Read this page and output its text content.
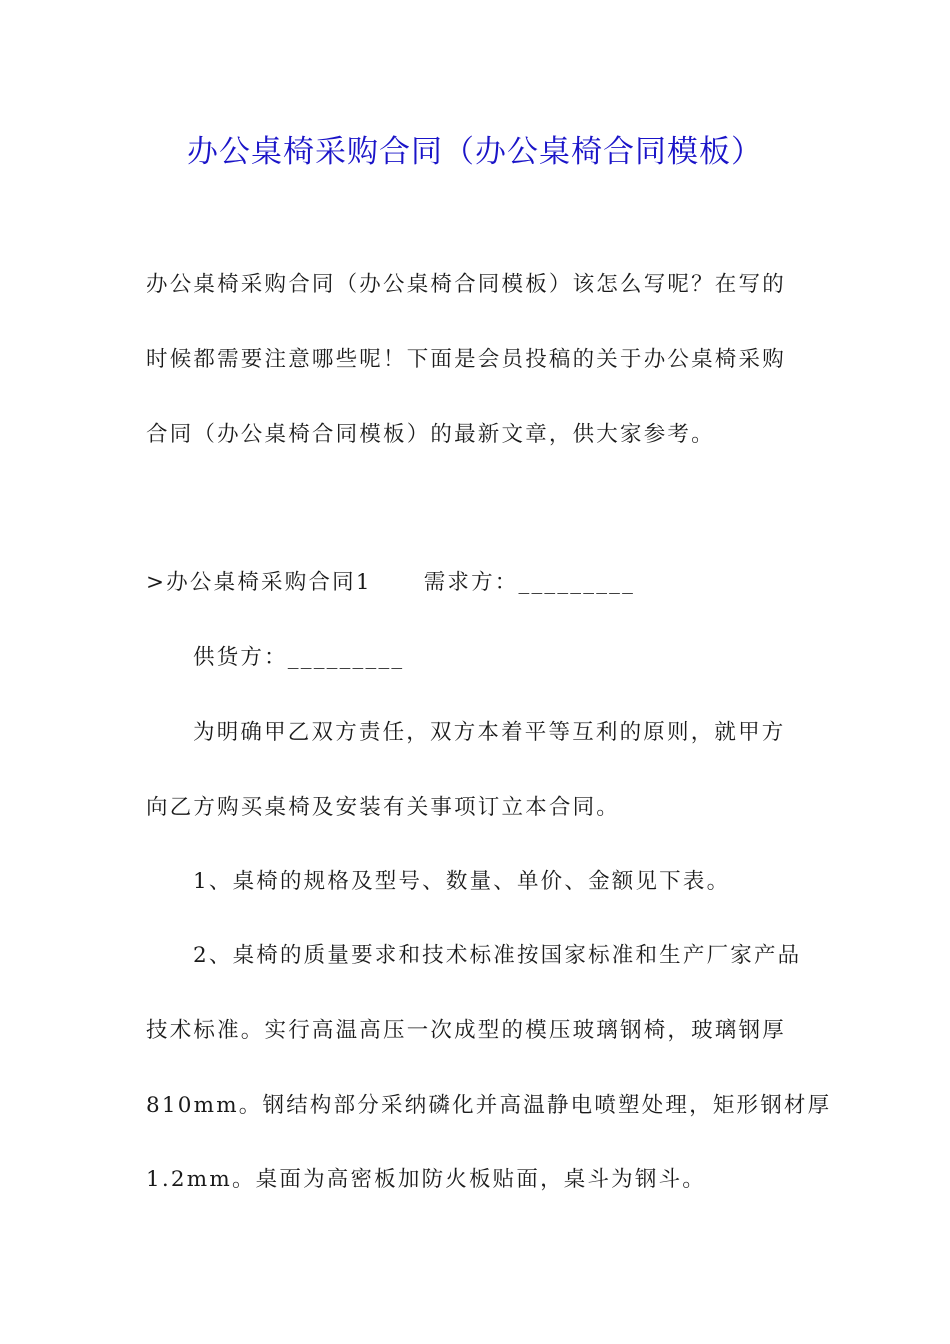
办公桌椅采购合同（办公桌椅合同模板）
办公桌椅采购合同（办公桌椅合同模板）该怎么写呢？在写的
时候都需要注意哪些呢！下面是会员投稿的关于办公桌椅采购
合同（办公桌椅合同模板）的最新文章，供大家参考。
>办公桌椅采购合同1 需求方：_________
供货方：_________
为明确甲乙双方责任，双方本着平等互利的原则，就甲方
向乙方购买桌椅及安装有关事项订立本合同。
1、桌椅的规格及型号、数量、单价、金额见下表。
2、桌椅的质量要求和技术标准按国家标准和生产厂家产品
技术标准。实行高温高压一次成型的模压玻璃钢椅，玻璃钢厚
810mm。钢结构部分采纳磷化并高温静电喷塑处理，矩形钢材厚
1.2mm。桌面为高密板加防火板贴面，桌斗为钢斗。
